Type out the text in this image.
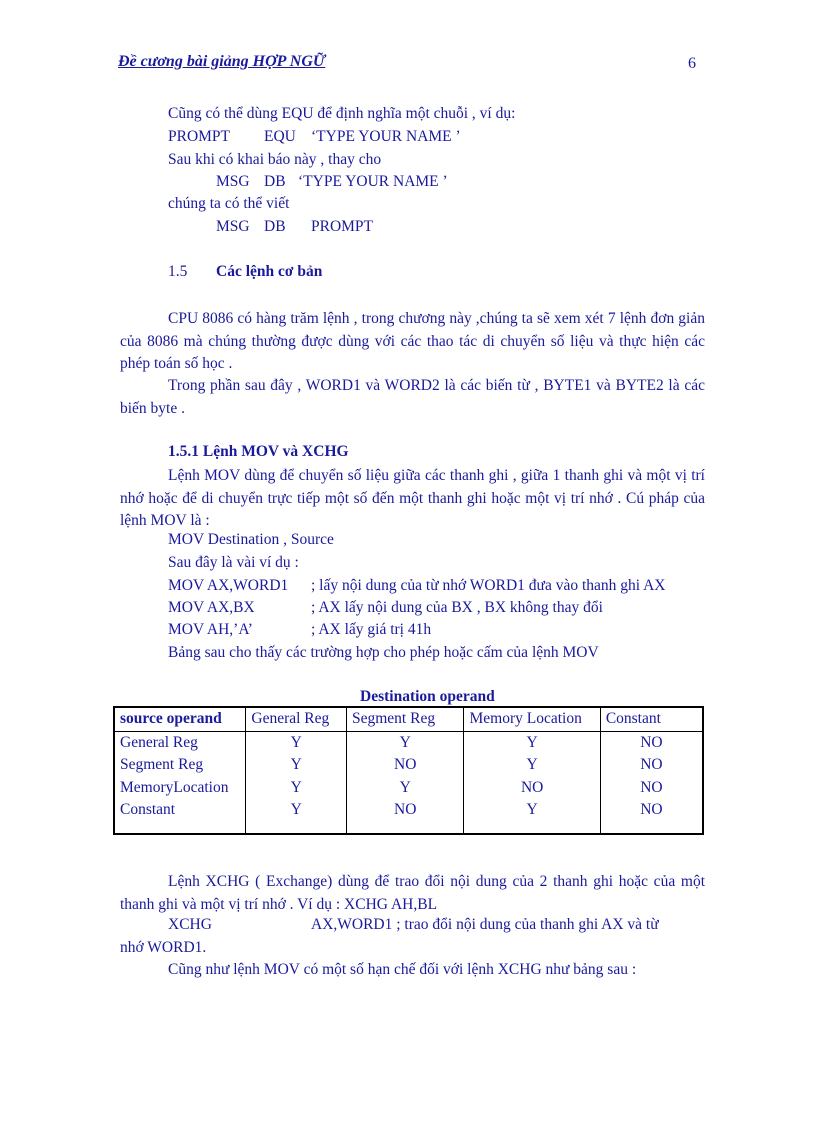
Đề cương bài giảng HỢP NGỮ	6
Cũng có thể dùng EQU để định nghĩa một chuỗi , ví dụ:
PROMPT EQU ‘TYPE YOUR NAME ’
Sau khi có khai báo này , thay cho
MSG DB ‘TYPE YOUR NAME ’
chúng ta có thể viết
MSG DB PROMPT
1.5 Các lệnh cơ bản

CPU 8086 có hàng trăm lệnh , trong chương này ,chúng ta sẽ xem xét 7 lệnh đơn giản của 8086 mà chúng thường được dùng với các thao tác di chuyển số liệu và thực hiện các phép toán số học .

Trong phần sau đây , WORD1 và WORD2 là các biến từ , BYTE1 và BYTE2 là các biến byte .

1.5.1 Lệnh MOV và XCHG

Lệnh MOV dùng để chuyển số liệu giữa các thanh ghi , giữa 1 thanh ghi và một vị trí nhớ hoặc để di chuyển trực tiếp một số đến một thanh ghi hoặc một vị trí nhớ . Cú pháp của lệnh MOV là :

MOV Destination , Source
Sau đây là vài ví dụ :
MOV AX,WORD1 ; lấy nội dung của từ nhớ WORD1 đưa vào thanh ghi AX
MOV AX,BX	; AX lấy nội dung của BX , BX không thay đổi
MOV AH,’A’	; AX lấy giá trị 41h
Bảng sau cho thấy các trường hợp cho phép hoặc cấm của lệnh MOV
Destination operand
source operand	General Reg	Segment Reg	Memory Location	Constant
General Reg	Y	Y	Y	NO
Segment Reg	Y	NO	Y	NO
MemoryLocation	Y	Y	NO	NO
Constant	Y	NO	Y	NO

Lệnh XCHG ( Exchange) dùng để trao đổi nội dung của 2 thanh ghi hoặc của một thanh ghi và một vị trí nhớ . Ví dụ : XCHG AH,BL

XCHG	AX,WORD1 ; trao đổi nội dung của thanh ghi AX và từ
nhớ WORD1.
Cũng như lệnh MOV có một số hạn chế đối với lệnh XCHG như bảng sau :
